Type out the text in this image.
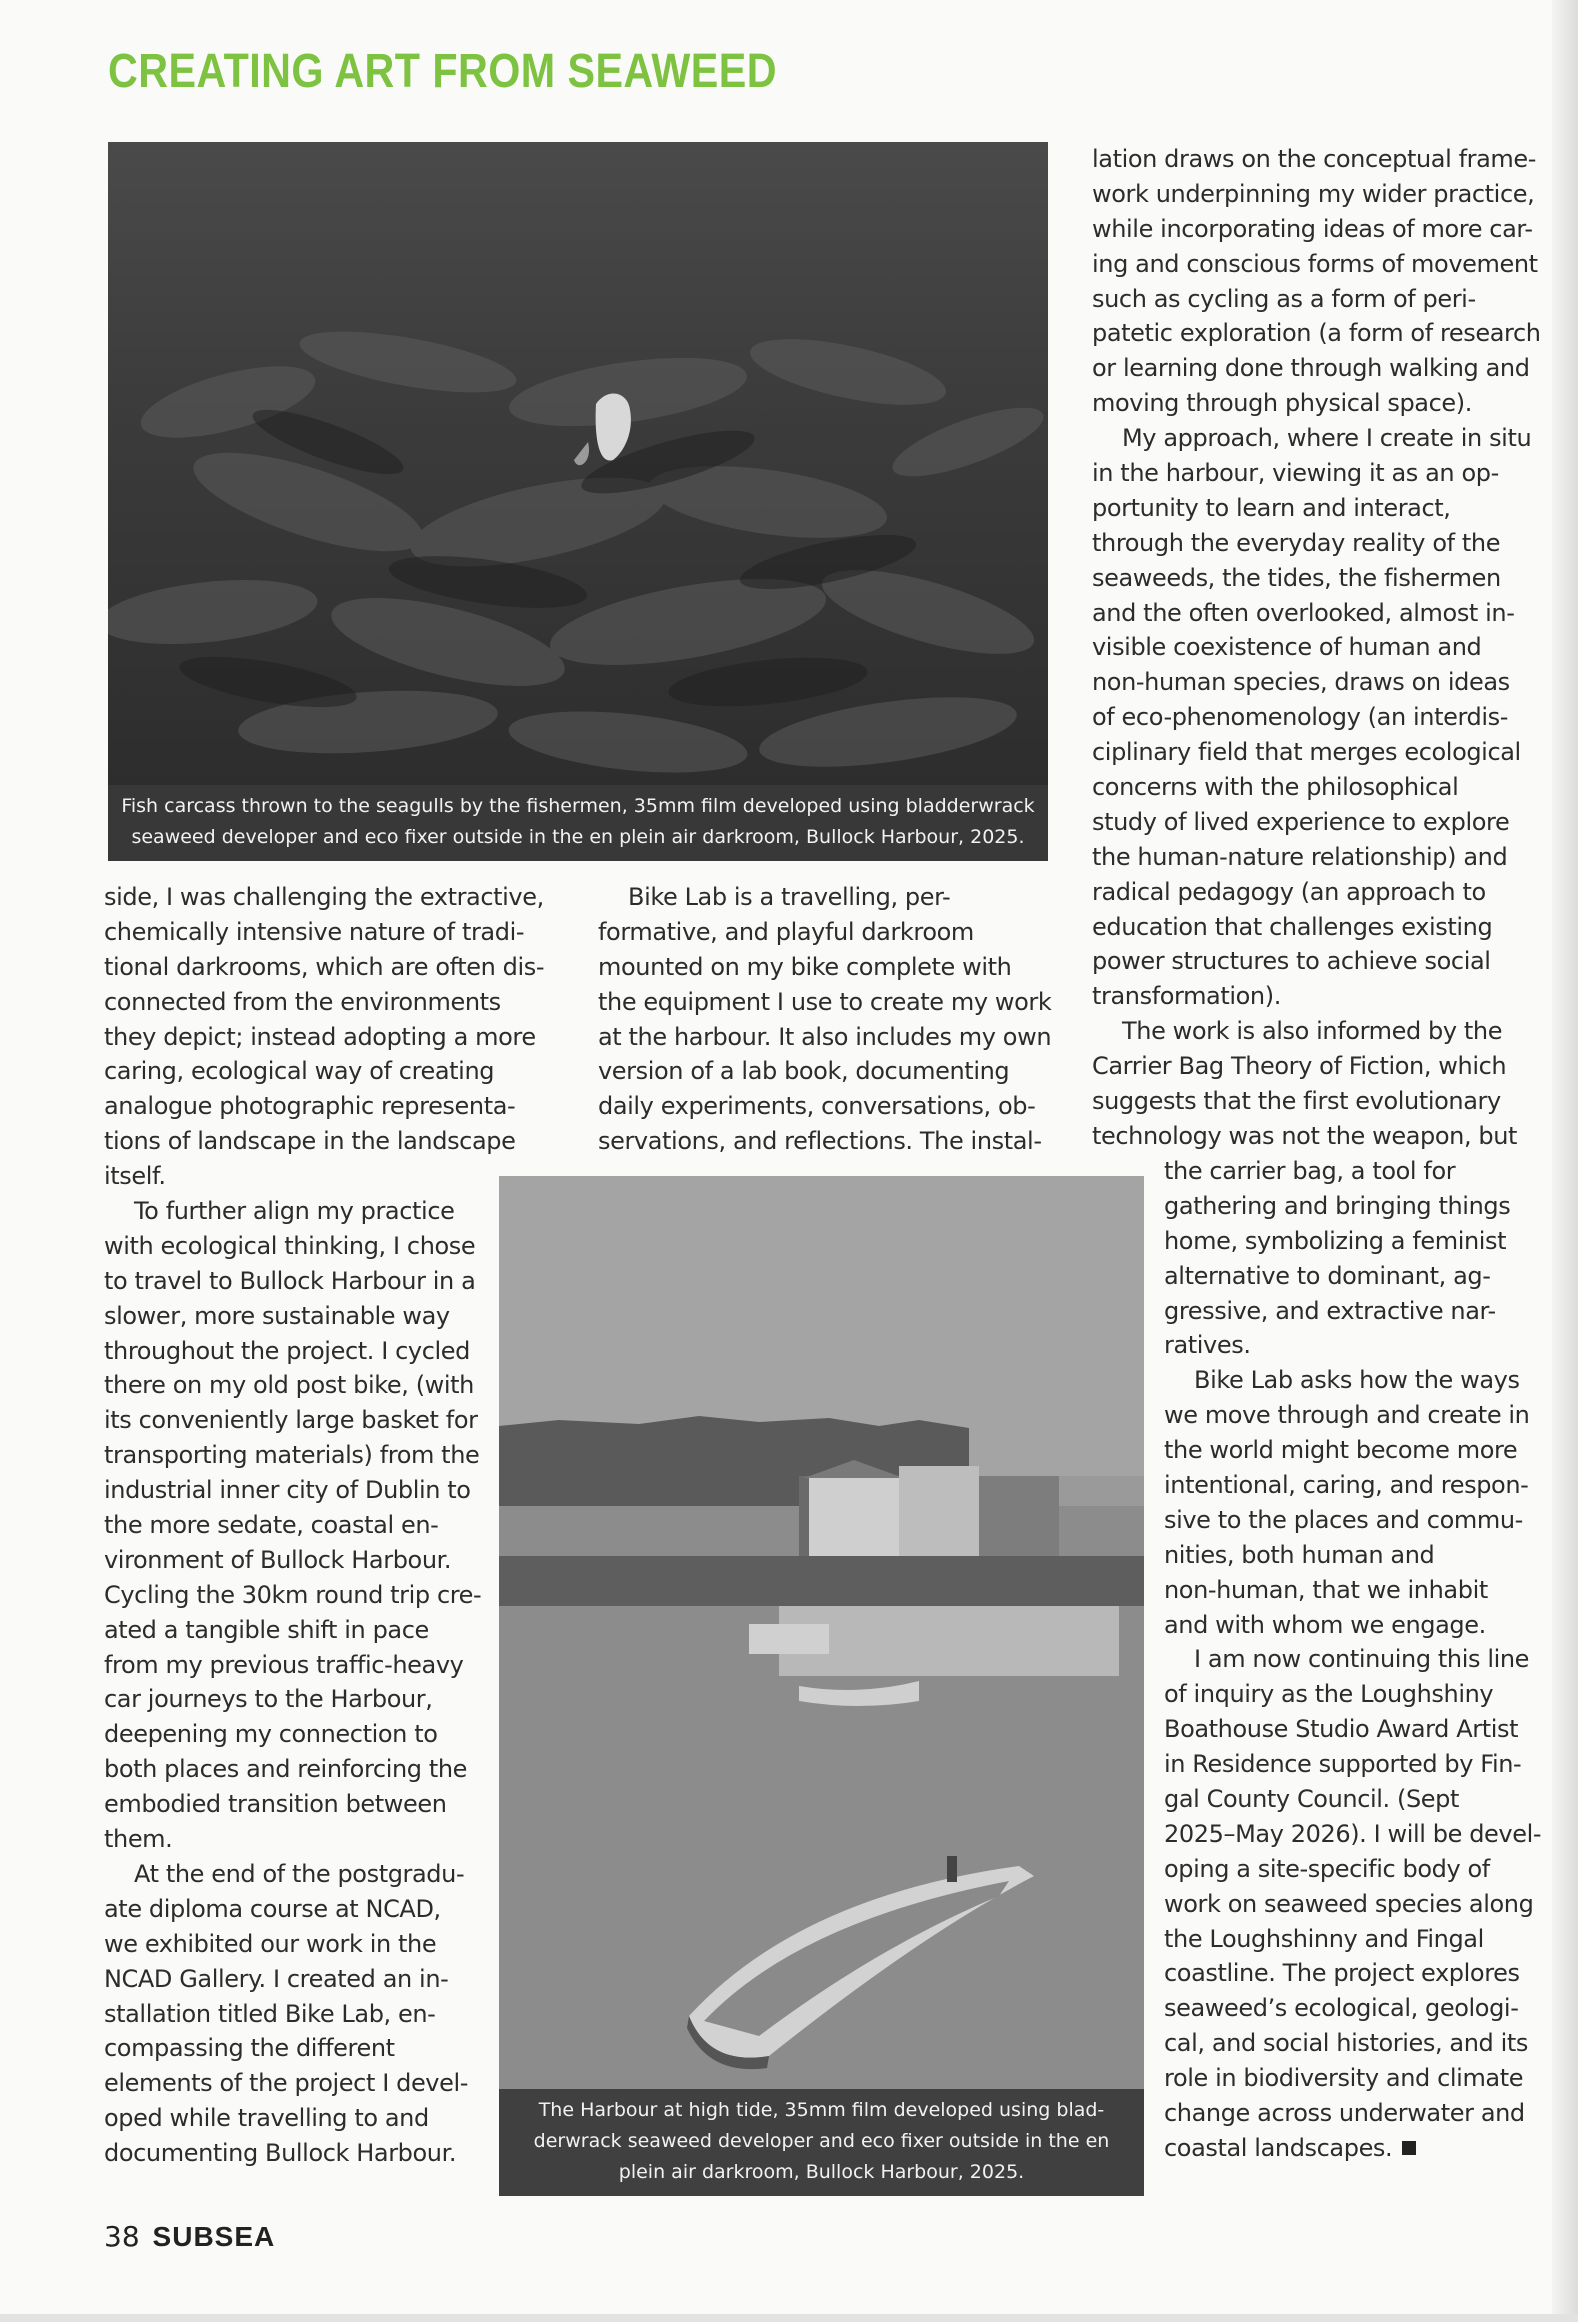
CREATING ART FROM SEAWEED
Fish carcass thrown to the seagulls by the fishermen, 35mm film developed using bladderwrack
seaweed developer and eco fixer outside in the en plein air darkroom, Bullock Harbour, 2025.
The Harbour at high tide, 35mm film developed using blad-
derwrack seaweed developer and eco fixer outside in the en
plein air darkroom, Bullock Harbour, 2025.
side, I was challenging the extractive,
chemically intensive nature of tradi-
tional darkrooms, which are often dis-
connected from the environments
they depict; instead adopting a more
caring, ecological way of creating
analogue photographic representa-
tions of landscape in the landscape
itself.
To further align my practice
with ecological thinking, I chose
to travel to Bullock Harbour in a
slower, more sustainable way
throughout the project. I cycled
there on my old post bike, (with
its conveniently large basket for
transporting materials) from the
industrial inner city of Dublin to
the more sedate, coastal en-
vironment of Bullock Harbour.
Cycling the 30km round trip cre-
ated a tangible shift in pace
from my previous traffic-heavy
car journeys to the Harbour,
deepening my connection to
both places and reinforcing the
embodied transition between
them.
At the end of the postgradu-
ate diploma course at NCAD,
we exhibited our work in the
NCAD Gallery. I created an in-
stallation titled Bike Lab, en-
compassing the different
elements of the project I devel-
oped while travelling to and
documenting Bullock Harbour.
Bike Lab is a travelling, per-
formative, and playful darkroom
mounted on my bike complete with
the equipment I use to create my work
at the harbour. It also includes my own
version of a lab book, documenting
daily experiments, conversations, ob-
servations, and reflections. The instal-
lation draws on the conceptual frame-
work underpinning my wider practice,
while incorporating ideas of more car-
ing and conscious forms of movement
such as cycling as a form of peri-
patetic exploration (a form of research
or learning done through walking and
moving through physical space).
My approach, where I create in situ
in the harbour, viewing it as an op-
portunity to learn and interact,
through the everyday reality of the
seaweeds, the tides, the fishermen
and the often overlooked, almost in-
visible coexistence of human and
non-human species, draws on ideas
of eco-phenomenology (an interdis-
ciplinary field that merges ecological
concerns with the philosophical
study of lived experience to explore
the human-nature relationship) and
radical pedagogy (an approach to
education that challenges existing
power structures to achieve social
transformation).
The work is also informed by the
Carrier Bag Theory of Fiction, which
suggests that the first evolutionary
technology was not the weapon, but
the carrier bag, a tool for
gathering and bringing things
home, symbolizing a feminist
alternative to dominant, ag-
gressive, and extractive nar-
ratives.
Bike Lab asks how the ways
we move through and create in
the world might become more
intentional, caring, and respon-
sive to the places and commu-
nities, both human and
non-human, that we inhabit
and with whom we engage.
I am now continuing this line
of inquiry as the Loughshiny
Boathouse Studio Award Artist
in Residence supported by Fin-
gal County Council. (Sept
2025–May 2026). I will be devel-
oping a site-specific body of
work on seaweed species along
the Loughshinny and Fingal
coastline. The project explores
seaweed’s ecological, geologi-
cal, and social histories, and its
role in biodiversity and climate
change across underwater and
coastal landscapes.
38 SUBSEA
